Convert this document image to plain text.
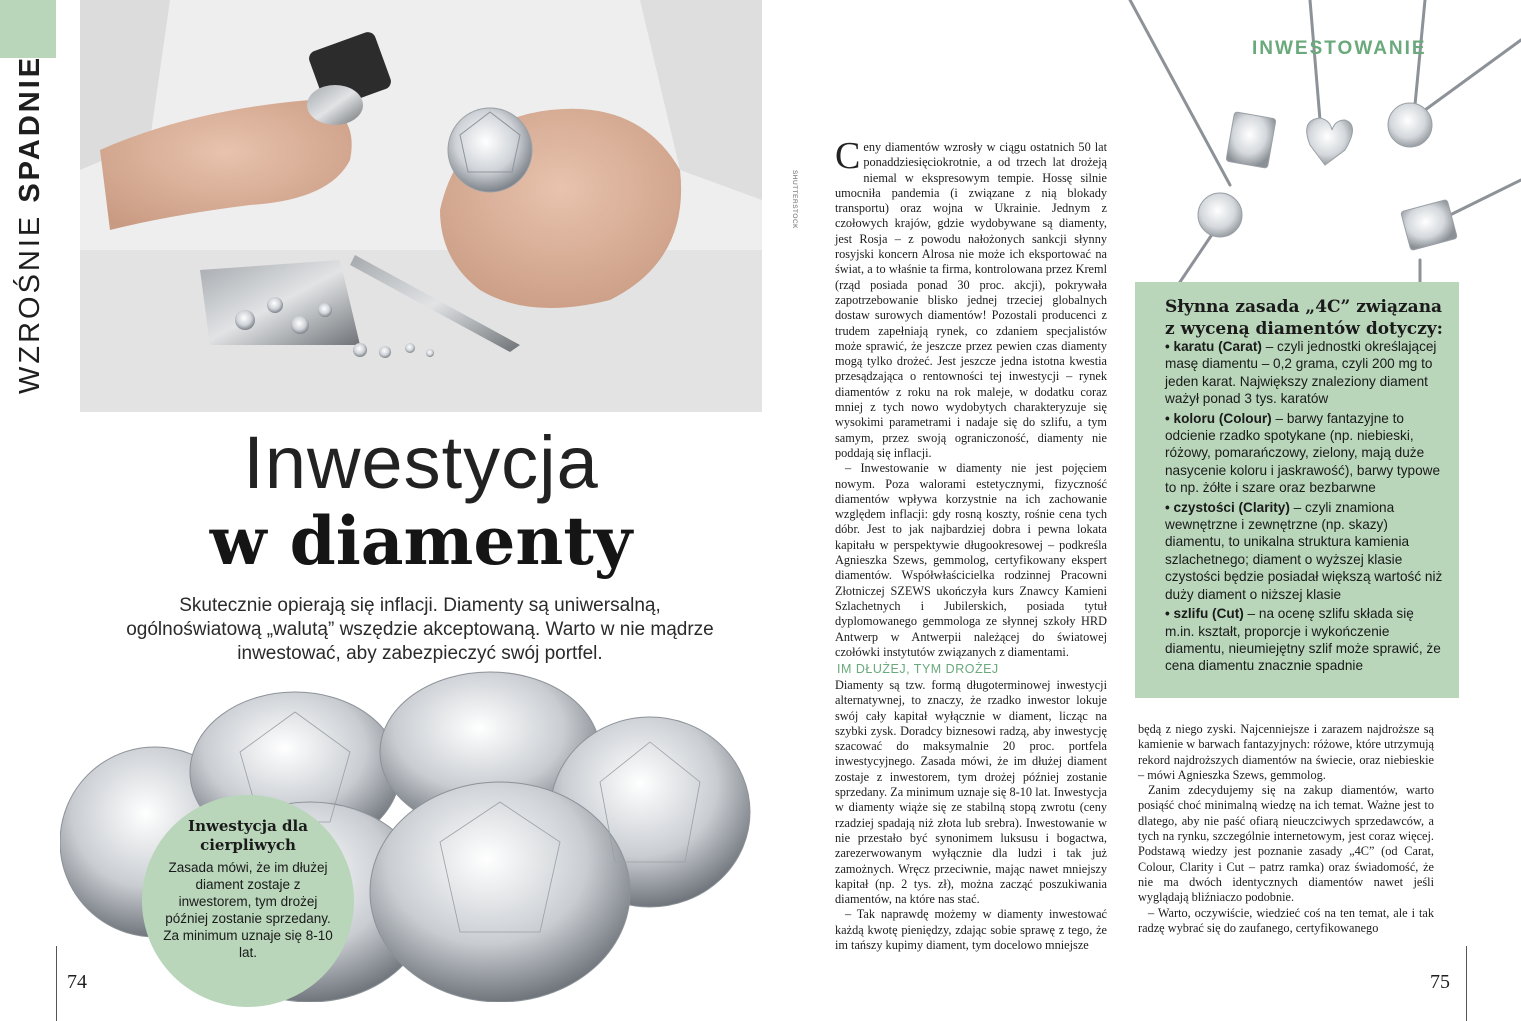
WZROŚNIE SPADNIE	SHUTTERSTOCK
Inwestycja
w diamenty
Skutecznie opierają się inflacji. Diamenty są uniwersalną, ogólnoświatową „walutą” wszędzie akceptowaną. Warto w nie mądrze inwestować, aby zabezpieczyć swój portfel.
Inwestycja dla cierpliwych
Zasada mówi, że im dłużej diament zostaje z inwestorem, tym drożej później zostanie sprzedany. Za minimum uznaje się 8-10 lat.
74
INWESTOWANIE

Ceny diamentów wzrosły w ciągu ostatnich 50 lat ponaddziesięciokrotnie, a od trzech lat drożeją niemal w ekspresowym tempie. Hossę silnie umocniła pandemia (i związane z nią blokady transportu) oraz wojna w Ukrainie. Jednym z czołowych krajów, gdzie wydobywane są diamenty, jest Rosja – z powodu nałożonych sankcji słynny rosyjski koncern Alrosa nie może ich eksportować na świat, a to właśnie ta firma, kontrolowana przez Kreml (rząd posiada ponad 30 proc. akcji), pokrywała zapotrzebowanie blisko jednej trzeciej globalnych dostaw surowych diamentów! Pozostali producenci z trudem zapełniają rynek, co zdaniem specjalistów może sprawić, że jeszcze przez pewien czas diamenty mogą tylko drożeć. Jest jeszcze jedna istotna kwestia przesądzająca o rentowności tej inwestycji – rynek diamentów z roku na rok maleje, w dodatku coraz mniej z tych nowo wydobytych charakteryzuje się wysokimi parametrami i nadaje się do szlifu, a tym samym, przez swoją ograniczoność, diamenty nie poddają się inflacji.

– Inwestowanie w diamenty nie jest pojęciem nowym. Poza walorami estetycznymi, fizyczność diamentów wpływa korzystnie na ich zachowanie względem inflacji: gdy rosną koszty, rośnie cena tych dóbr. Jest to jak najbardziej dobra i pewna lokata kapitału w perspektywie długookresowej – podkreśla Agnieszka Szews, gemmolog, certyfikowany ekspert diamentów. Współwłaścicielka rodzinnej Pracowni Złotniczej SZEWS ukończyła kurs Znawcy Kamieni Szlachetnych i Jubilerskich, posiada tytuł dyplomowanego gemmologa ze słynnej szkoły HRD Antwerp w Antwerpii należącej do światowej czołówki instytutów związanych z diamentami.

IM DŁUŻEJ, TYM DROŻEJ

Diamenty są tzw. formą długoterminowej inwestycji alternatywnej, to znaczy, że rzadko inwestor lokuje swój cały kapitał wyłącznie w diament, licząc na szybki zysk. Doradcy biznesowi radzą, aby inwestycję szacować do maksymalnie 20 proc. portfela inwestycyjnego. Zasada mówi, że im dłużej diament zostaje z inwestorem, tym drożej później zostanie sprzedany. Za minimum uznaje się 8-10 lat. Inwestycja w diamenty wiąże się ze stabilną stopą zwrotu (ceny rzadziej spadają niż złota lub srebra). Inwestowanie w nie przestało być synonimem luksusu i bogactwa, zarezerwowanym wyłącznie dla ludzi i tak już zamożnych. Wręcz przeciwnie, mając nawet mniejszy kapitał (np. 2 tys. zł), można zacząć poszukiwania diamentów, na które nas stać.

– Tak naprawdę możemy w diamenty inwestować każdą kwotę pieniędzy, zdając sobie sprawę z tego, że im tańszy kupimy diament, tym docelowo mniejsze

Słynna zasada „4C” związana z wyceną diamentów dotyczy:
• karatu (Carat) – czyli jednostki określającej masę diamentu – 0,2 grama, czyli 200 mg to jeden karat. Największy znaleziony diament ważył ponad 3 tys. karatów
• koloru (Colour) – barwy fantazyjne to odcienie rzadko spotykane (np. niebieski, różowy, pomarańczowy, zielony, mają duże nasycenie koloru i jaskrawość), barwy typowe to np. żółte i szare oraz bezbarwne
• czystości (Clarity) – czyli znamiona wewnętrzne i zewnętrzne (np. skazy) diamentu, to unikalna struktura kamienia szlachetnego; diament o wyższej klasie czystości będzie posiadał większą wartość niż duży diament o niższej klasie
• szlifu (Cut) – na ocenę szlifu składa się m.in. kształt, proporcje i wykończenie diamentu, nieumiejętny szlif może sprawić, że cena diamentu znacznie spadnie

będą z niego zyski. Najcenniejsze i zarazem najdroższe są kamienie w barwach fantazyjnych: różowe, które utrzymują rekord najdroższych diamentów na świecie, oraz niebieskie – mówi Agnieszka Szews, gemmolog.

Zanim zdecydujemy się na zakup diamentów, warto posiąść choć minimalną wiedzę na ich temat. Ważne jest to dlatego, aby nie paść ofiarą nieuczciwych sprzedawców, a tych na rynku, szczególnie internetowym, jest coraz więcej. Podstawą wiedzy jest poznanie zasady „4C” (od Carat, Colour, Clarity i Cut – patrz ramka) oraz świadomość, że nie ma dwóch identycznych diamentów nawet jeśli wyglądają bliźniaczo podobnie.

– Warto, oczywiście, wiedzieć coś na ten temat, ale i tak radzę wybrać się do zaufanego, certyfikowanego

75
